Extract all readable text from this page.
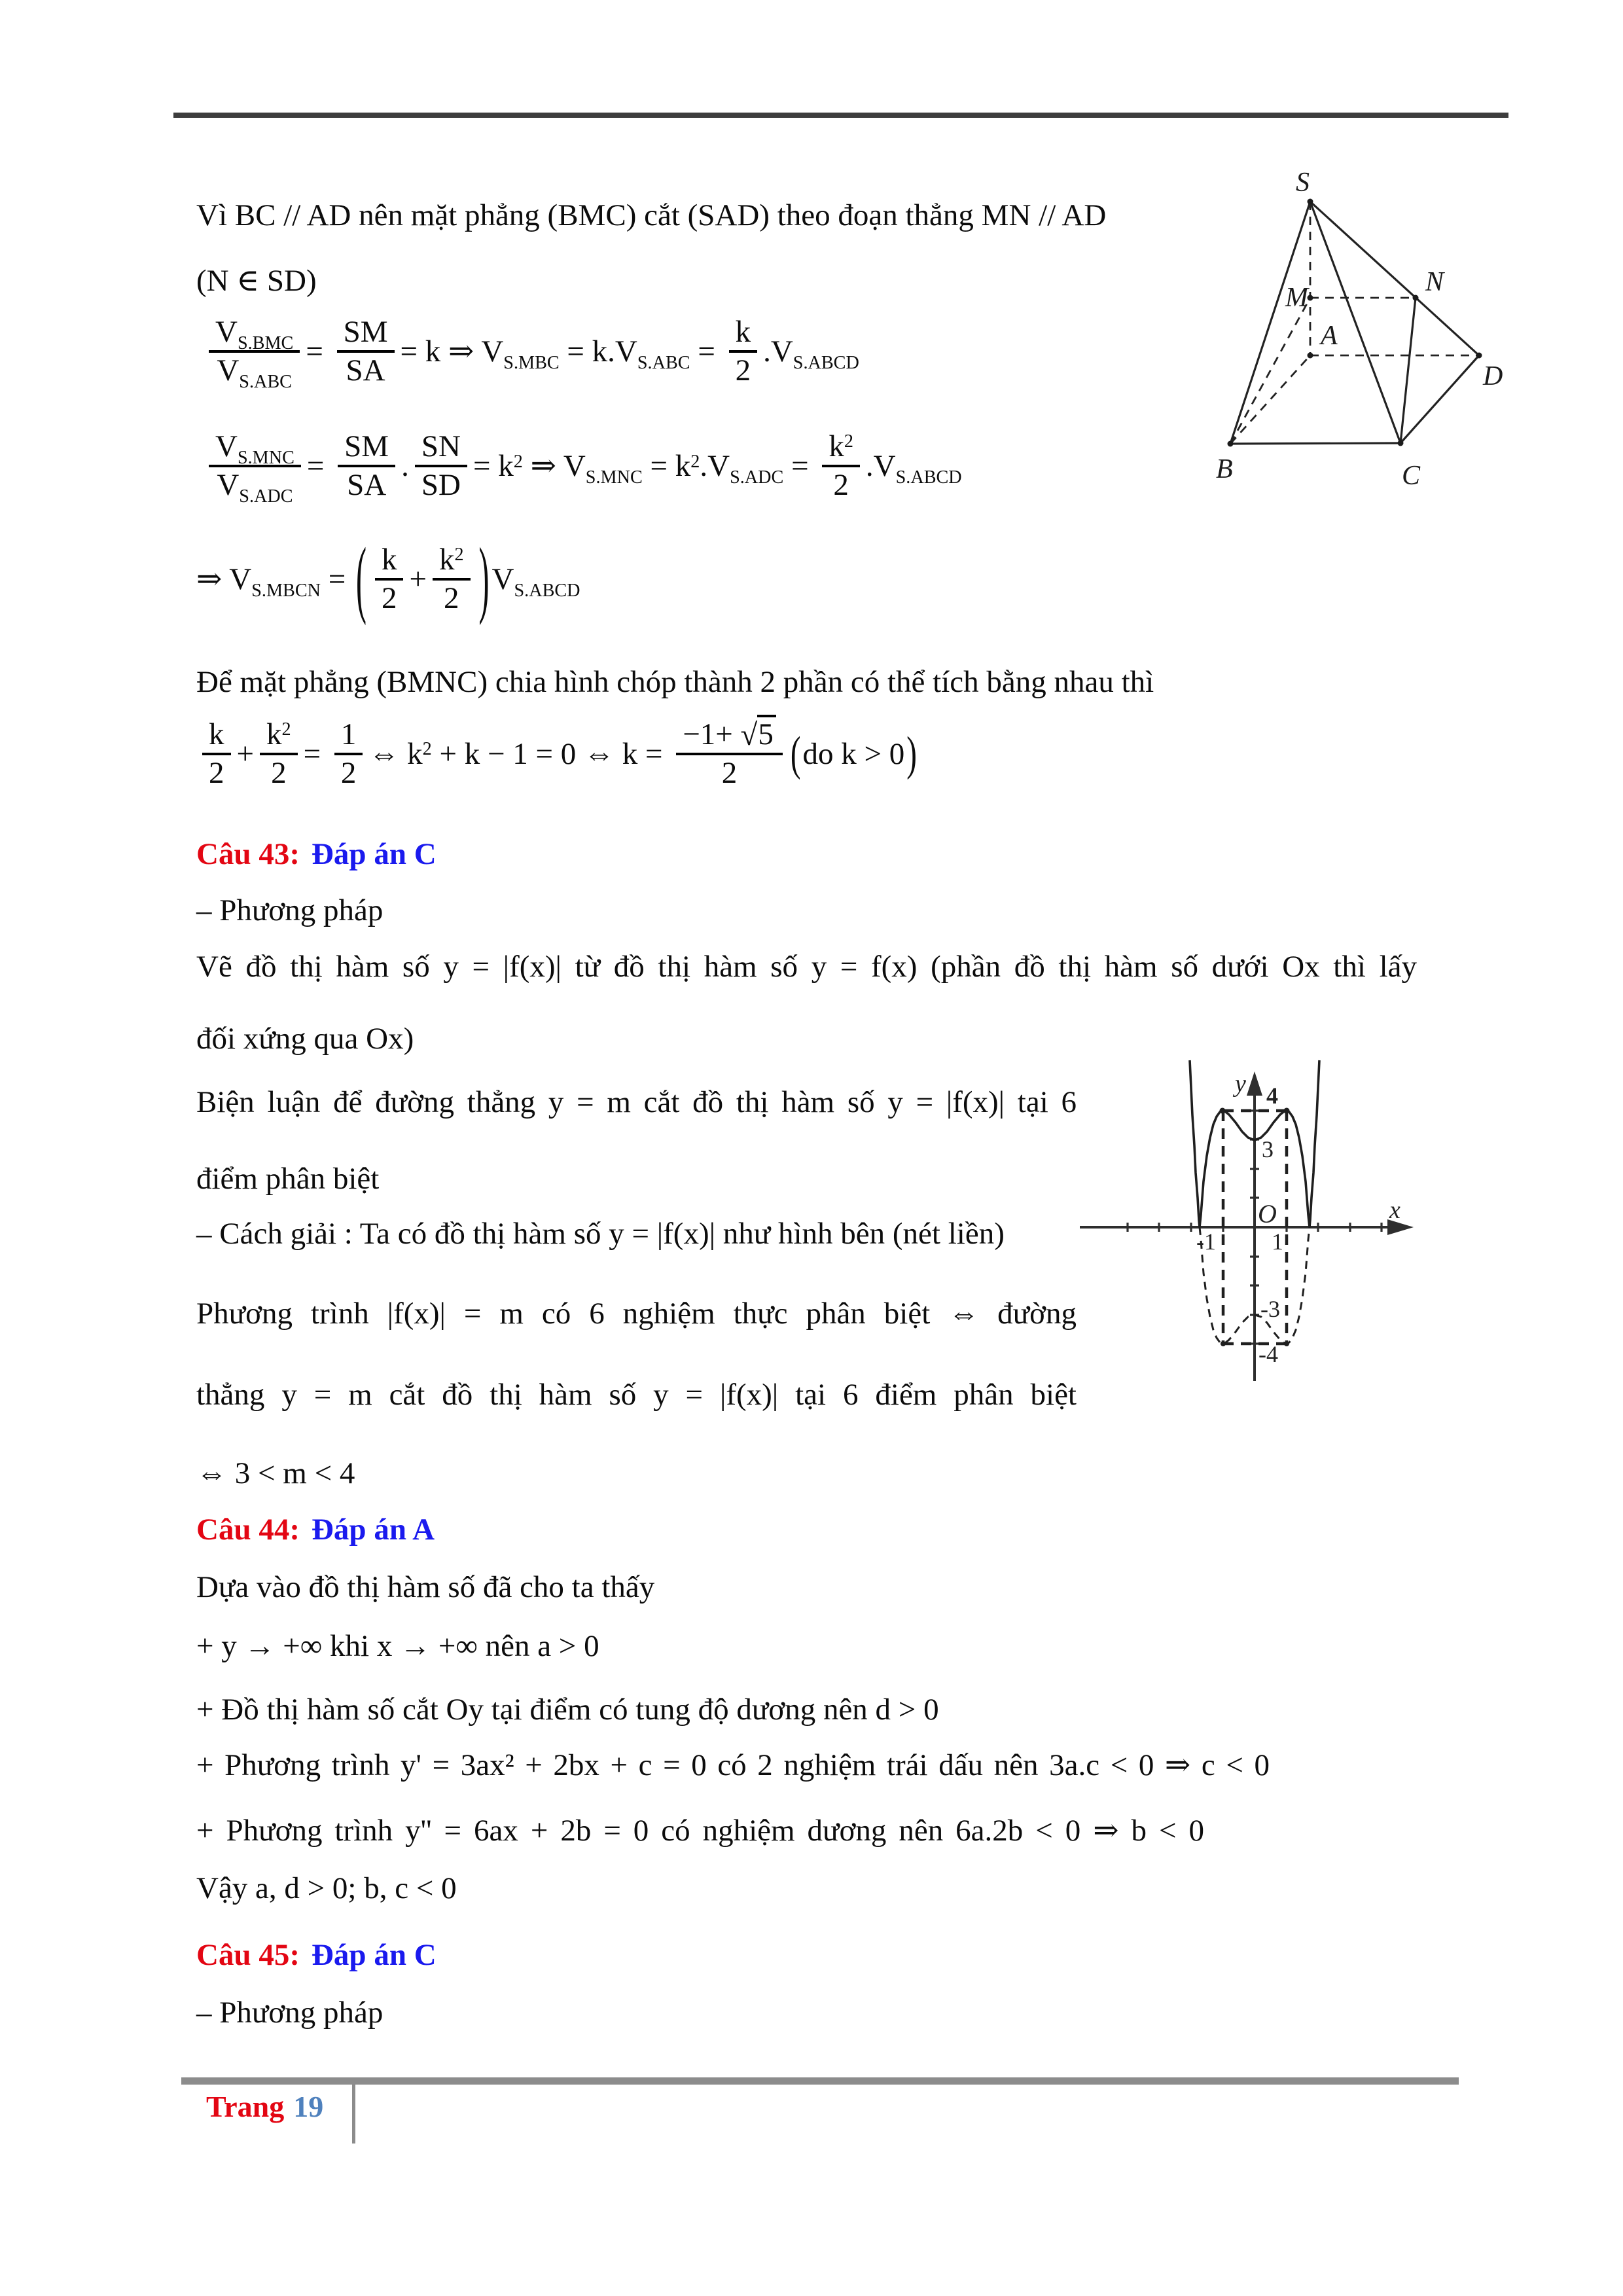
Vì BC // AD nên mặt phẳng (BMC) cắt (SAD) theo đoạn thẳng MN // AD
(N ∈ SD)
$\frac{V_{S.BMC}}{V_{S.ABC}} = \frac{SM}{SA} = k$ ⇒ $V_{S.MBC} = k.V_{S.ABC} = \frac{k}{2} .V_{S.ABCD}$
$\frac{V_{S.MNC}}{V_{S.ADC}} = \frac{SM}{SA}$ . $\frac{SN}{SD} = k^2$ ⇒ $V_{S.MNC} = k^2.V_{S.ADC} = \frac{k^2}{2} .V_{S.ABCD}$
⇒ $V_{S.MBCN}$ = ( $\frac{k}{2} + \frac{k^2}{2}$ ) $V_{S.ABCD}$
Để mặt phẳng (BMNC) chia hình chóp thành 2 phần có thể tích bằng nhau thì
$\frac{k}{2} + \frac{k^2}{2} = \frac{1}{2}$ ⇔ $k^2 + k - 1 = 0$ ⇔ $k = \frac{-1+ √5}{2}$ ( do k > 0 )
Câu 43: Đáp án C
– Phương pháp
Vẽ đồ thị hàm số y = |f(x)| từ đồ thị hàm số y = f(x) (phần đồ thị hàm số dưới Ox thì lấy
đối xứng qua Ox)
Biện luận để đường thẳng y = m cắt đồ thị hàm số y = |f(x)| tại 6
điểm phân biệt
– Cách giải : Ta có đồ thị hàm số y = |f(x)| như hình bên (nét liền)
Phương trình |f(x)| = m có 6 nghiệm thực phân biệt ⇔ đường
thẳng y = m cắt đồ thị hàm số y = |f(x)| tại 6 điểm phân biệt
⇔ 3 < m < 4
Câu 44: Đáp án A
Dựa vào đồ thị hàm số đã cho ta thấy
+ y → +∞ khi x → +∞ nên a > 0
+ Đồ thị hàm số cắt Oy tại điểm có tung độ dương nên d > 0
+ Phương trình y' = 3ax² + 2bx + c = 0 có 2 nghiệm trái dấu nên 3a.c < 0 ⇒ c < 0
+ Phương trình y'' = 6ax + 2b = 0 có nghiệm dương nên 6a.2b < 0 ⇒ b < 0
Vậy a, d > 0; b, c < 0
Câu 45: Đáp án C
– Phương pháp
S
M
N
A
B	C
D
y
x
O
4
3
-1 1
-3
-4
Trang 19
